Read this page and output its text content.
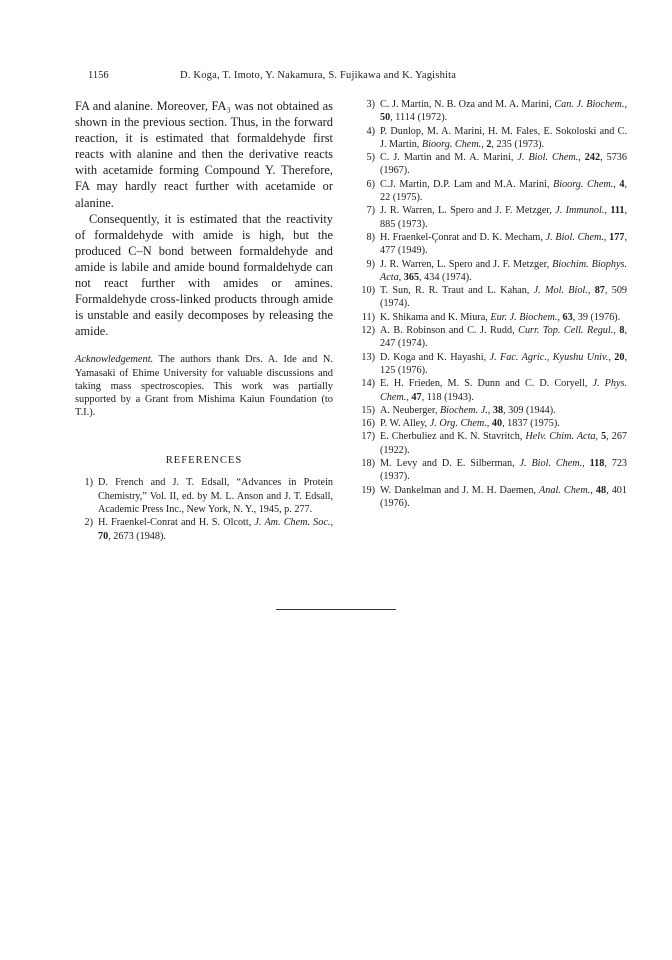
1156	D. Koga, T. Imoto, Y. Nakamura, S. Fujikawa and K. Yagishita

FA and alanine. Moreover, FA₃ was not obtained as shown in the previous section. Thus, in the forward reaction, it is estimated that formaldehyde first reacts with alanine and then the derivative reacts with acetamide forming Compound Y. Therefore, FA may hardly react further with acetamide or alanine.

Consequently, it is estimated that the reactivity of formaldehyde with amide is high, but the produced C–N bond between formaldehyde and amide is labile and amide bound formaldehyde can not react further with amides or amines. Formaldehyde cross-linked products through amide is unstable and easily decomposes by releasing the amide.

Acknowledgement. The authors thank Drs. A. Ide and N. Yamasaki of Ehime University for valuable discussions and taking mass spectroscopies. This work was partially supported by a Grant from Mishima Kaiun Foundation (to T.I.).

REFERENCES
1) D. French and J. T. Edsall, “Advances in Protein Chemistry,” Vol. II, ed. by M. L. Anson and J. T. Edsall, Academic Press Inc., New York, N. Y., 1945, p. 277.
2) H. Fraenkel-Conrat and H. S. Olcott, J. Am. Chem. Soc., 70, 2673 (1948).
3) C. J. Martin, N. B. Oza and M. A. Marini, Can. J. Biochem., 50, 1114 (1972).
4) P. Dunlop, M. A. Marini, H. M. Fales, E. Sokoloski and C. J. Martin, Bioorg. Chem., 2, 235 (1973).
5) C. J. Martin and M. A. Marini, J. Biol. Chem., 242, 5736 (1967).
6) C.J. Martin, D.P. Lam and M.A. Marini, Bioorg. Chem., 4, 22 (1975).
7) J. R. Warren, L. Spero and J. F. Metzger, J. Immunol., 111, 885 (1973).
8) H. Fraenkel-Çonrat and D. K. Mecham, J. Biol. Chem., 177, 477 (1949).
9) J. R. Warren, L. Spero and J. F. Metzger, Biochim. Biophys. Acta, 365, 434 (1974).
10) T. Sun, R. R. Traut and L. Kahan, J. Mol. Biol., 87, 509 (1974).
11) K. Shikama and K. Miura, Eur. J. Biochem., 63, 39 (1976).
12) A. B. Robinson and C. J. Rudd, Curr. Top. Cell. Regul., 8, 247 (1974).
13) D. Koga and K. Hayashi, J. Fac. Agric., Kyushu Univ., 20, 125 (1976).
14) E. H. Frieden, M. S. Dunn and C. D. Coryell, J. Phys. Chem., 47, 118 (1943).
15) A. Neuberger, Biochem. J., 38, 309 (1944).
16) P. W. Alley, J. Org. Chem., 40, 1837 (1975).
17) E. Cherbuliez and K. N. Stavritch, Helv. Chim. Acta, 5, 267 (1922).
18) M. Levy and D. E. Silberman, J. Biol. Chem., 118, 723 (1937).
19) W. Dankelman and J. M. H. Daemen, Anal. Chem., 48, 401 (1976).
